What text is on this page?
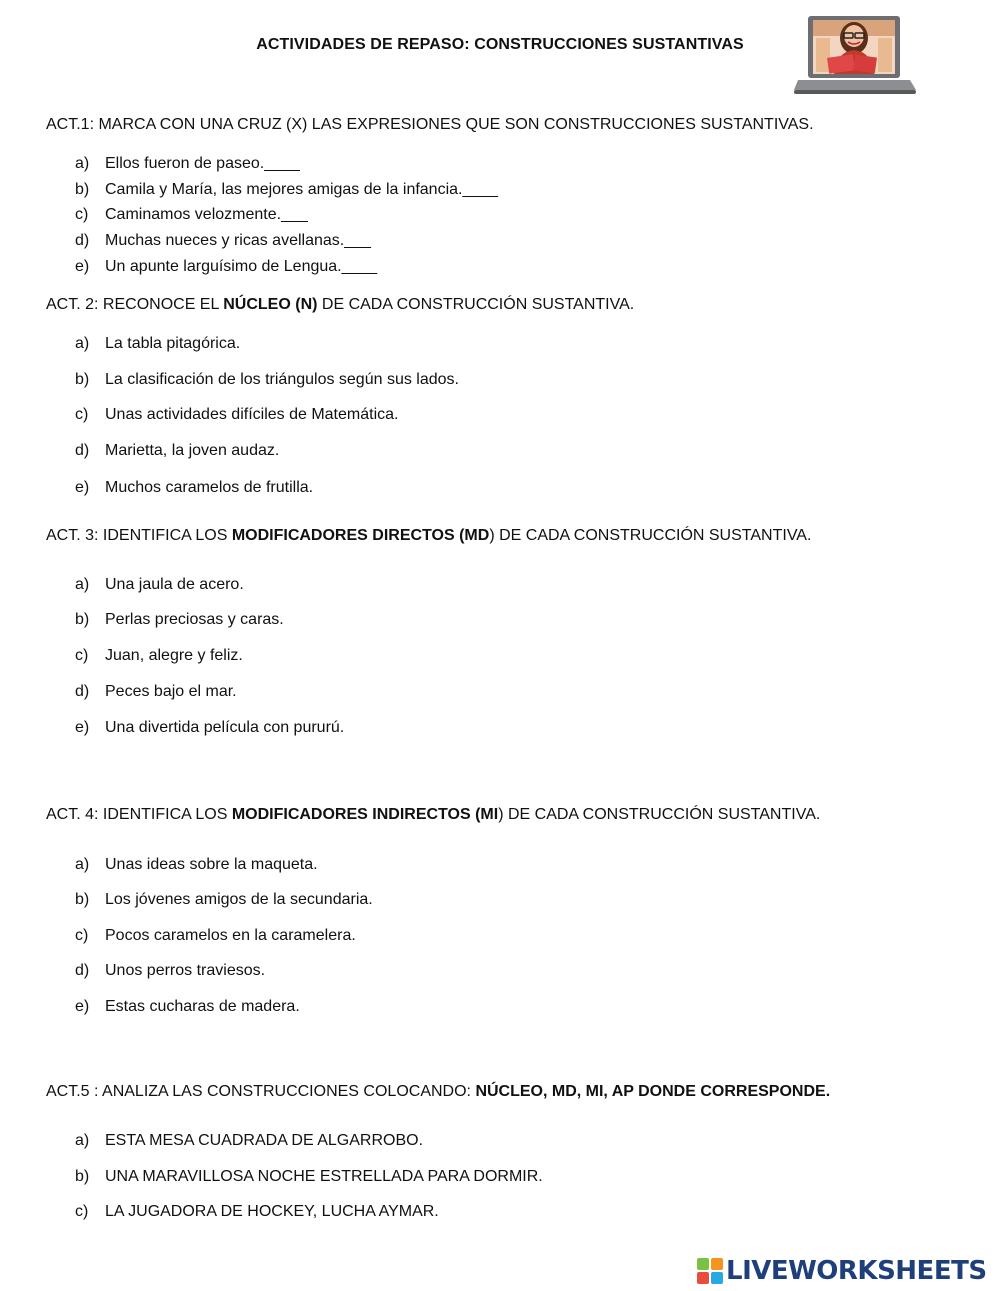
ACTIVIDADES DE REPASO: CONSTRUCCIONES SUSTANTIVAS
ACT.1: MARCA CON UNA CRUZ (X) LAS EXPRESIONES QUE SON CONSTRUCCIONES SUSTANTIVAS.
a) Ellos fueron de paseo.____
b) Camila y María, las mejores amigas de la infancia.____
c) Caminamos velozmente.___
d) Muchas nueces y ricas avellanas.___
e) Un apunte larguísimo de Lengua.____
ACT. 2: RECONOCE EL NÚCLEO (N) DE CADA CONSTRUCCIÓN SUSTANTIVA.
a) La tabla pitagórica.
b) La clasificación de los triángulos según sus lados.
c) Unas actividades difíciles de Matemática.
d) Marietta, la joven audaz.
e) Muchos caramelos de frutilla.
ACT. 3: IDENTIFICA LOS MODIFICADORES DIRECTOS (MD) DE CADA CONSTRUCCIÓN SUSTANTIVA.
a) Una jaula de acero.
b) Perlas preciosas y caras.
c) Juan, alegre y feliz.
d) Peces bajo el mar.
e) Una divertida película con pururú.
ACT. 4: IDENTIFICA LOS MODIFICADORES INDIRECTOS (MI) DE CADA CONSTRUCCIÓN SUSTANTIVA.
a) Unas ideas sobre la maqueta.
b) Los jóvenes amigos de la secundaria.
c) Pocos caramelos en la caramelera.
d) Unos perros traviesos.
e) Estas cucharas de madera.
ACT.5 : ANALIZA LAS CONSTRUCCIONES COLOCANDO: NÚCLEO, MD, MI, AP DONDE CORRESPONDE.
a) ESTA MESA CUADRADA DE ALGARROBO.
b) UNA MARAVILLOSA NOCHE ESTRELLADA PARA DORMIR.
c) LA JUGADORA DE HOCKEY, LUCHA AYMAR.
LIVEWORKSHEETS
